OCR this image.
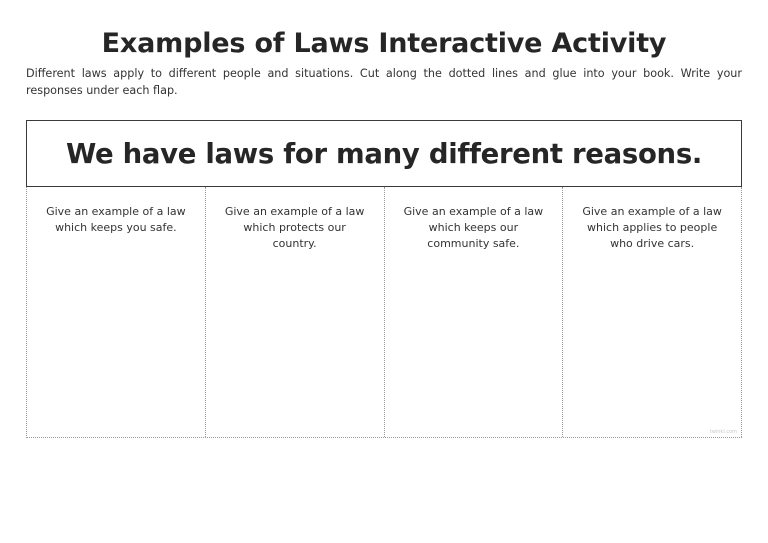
Examples of Laws Interactive Activity
Different laws apply to different people and situations. Cut along the dotted lines and glue into your book. Write your responses under each flap.
We have laws for many different reasons.
Give an example of a law which keeps you safe.
Give an example of a law which protects our country.
Give an example of a law which keeps our community safe.
Give an example of a law which applies to people who drive cars.
twinkl.com
